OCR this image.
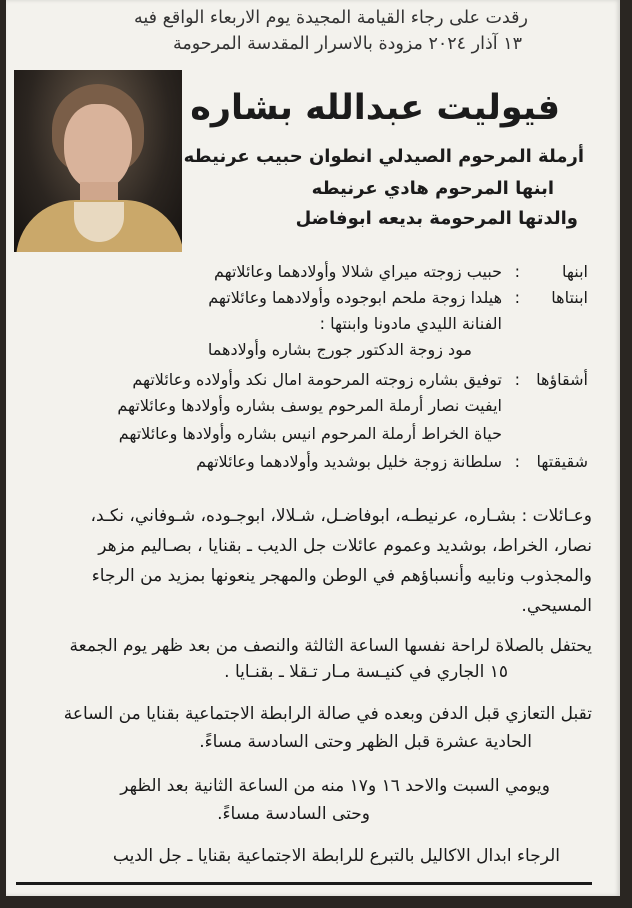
رقدت على رجاء القيامة المجيدة يوم الاربعاء الواقع فيه
١٣ آذار ٢٠٢٤ مزودة بالاسرار المقدسة المرحومة
فيوليت عبدالله بشاره
أرملة المرحوم الصيدلي انطوان حبيب عرنيطه
ابنها المرحوم هادي عرنيطه
والدتها المرحومة بديعه ابوفاضل
ابنها
:
حبيب زوجته ميراي شلالا وأولادهما وعائلاتهم
ابنتاها
:
هيلدا زوجة ملحم ابوجوده وأولادهما وعائلاتهم
الفنانة الليدي مادونا وابنتها :
مود زوجة الدكتور جورج بشاره وأولادهما
أشقاؤها
:
توفيق بشاره زوجته المرحومة امال نكد وأولاده وعائلاتهم
ايفيت نصار أرملة المرحوم يوسف بشاره وأولادها وعائلاتهم
حياة الخراط أرملة المرحوم انيس بشاره وأولادها وعائلاتهم
شقيقتها
:
سلطانة زوجة خليل بوشديد وأولادهما وعائلاتهم
وعـائلات : بشـاره، عرنيطـه، ابوفاضـل، شـلالا، ابوجـوده، شـوفاني، نكـد،
نصار، الخراط، بوشديد وعموم عائلات جل الديب ـ بقنايا ، بصـاليم مزهر
والمجذوب ونابيه وأنسباؤهم في الوطن والمهجر ينعونها بمزيد من الرجاء
المسيحي.
يحتفل بالصلاة لراحة نفسها الساعة الثالثة والنصف من بعد ظهر يوم الجمعة
١٥ الجاري في كنيـسة مـار تـقلا ـ بقنـايا .
تقبل التعازي قبل الدفن وبعده في صالة الرابطة الاجتماعية بقنايا من الساعة
الحادية عشرة قبل الظهر وحتى السادسة مساءً.
ويومي السبت والاحد ١٦ و١٧ منه من الساعة الثانية بعد الظهر
وحتى السادسة مساءً.
الرجاء ابدال الاكاليل بالتبرع للرابطة الاجتماعية بقنايا ـ جل الديب
